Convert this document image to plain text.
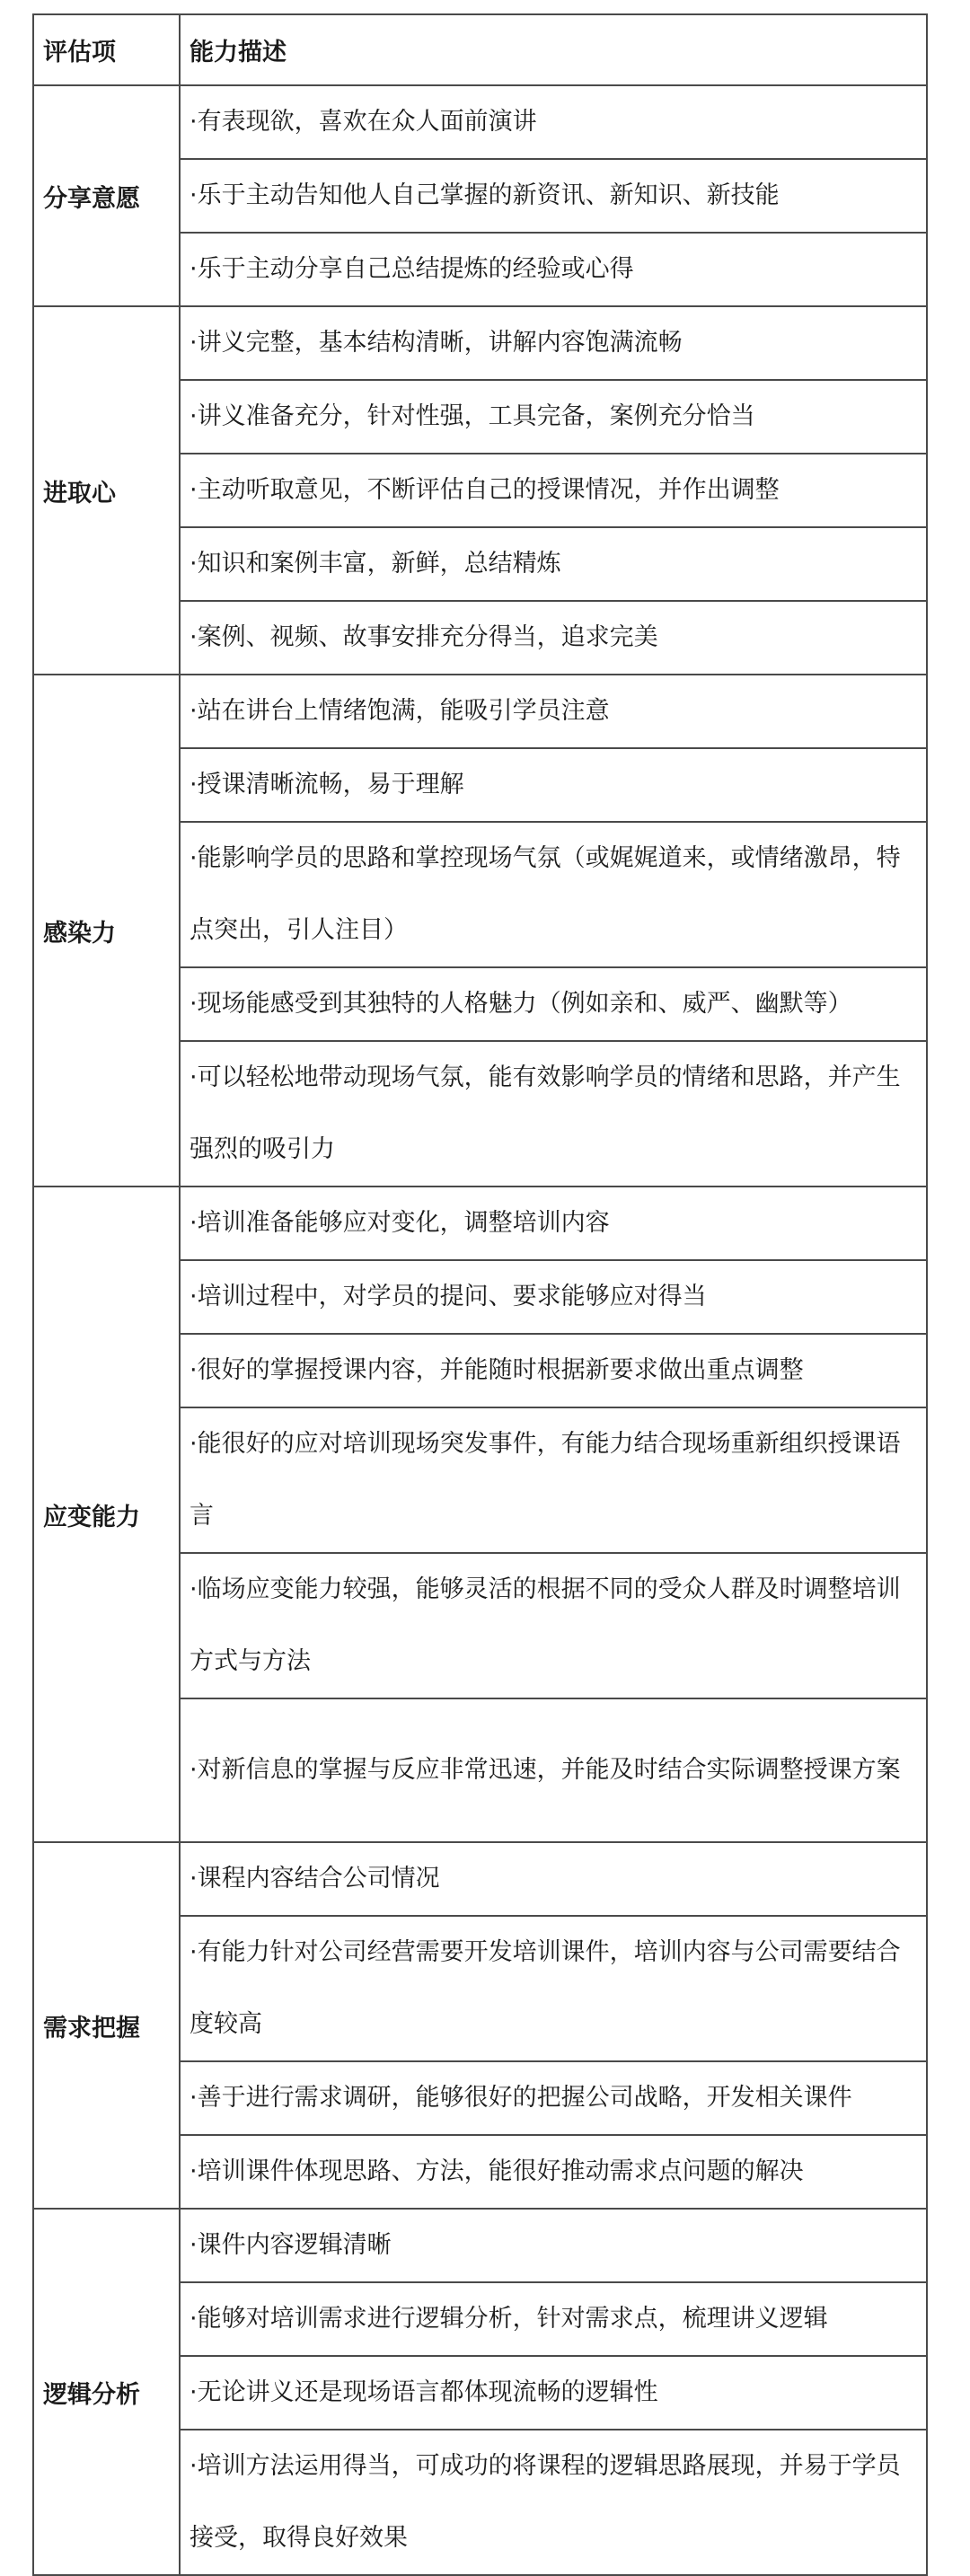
评估项	能力描述
分享意愿	·有表现欲，喜欢在众人面前演讲
	·乐于主动告知他人自己掌握的新资讯、新知识、新技能
	·乐于主动分享自己总结提炼的经验或心得
进取心	·讲义完整，基本结构清晰，讲解内容饱满流畅
	·讲义准备充分，针对性强，工具完备，案例充分恰当
	·主动听取意见，不断评估自己的授课情况，并作出调整
	·知识和案例丰富，新鲜，总结精炼
	·案例、视频、故事安排充分得当，追求完美
感染力	·站在讲台上情绪饱满，能吸引学员注意
	·授课清晰流畅，易于理解
	·能影响学员的思路和掌控现场气氛（或娓娓道来，或情绪激昂，特点突出，引人注目）
	·现场能感受到其独特的人格魅力（例如亲和、威严、幽默等）
	·可以轻松地带动现场气氛，能有效影响学员的情绪和思路，并产生强烈的吸引力
应变能力	·培训准备能够应对变化，调整培训内容
	·培训过程中，对学员的提问、要求能够应对得当
	·很好的掌握授课内容，并能随时根据新要求做出重点调整
	·能很好的应对培训现场突发事件，有能力结合现场重新组织授课语言
	·临场应变能力较强，能够灵活的根据不同的受众人群及时调整培训方式与方法
	·对新信息的掌握与反应非常迅速，并能及时结合实际调整授课方案
需求把握	·课程内容结合公司情况
	·有能力针对公司经营需要开发培训课件，培训内容与公司需要结合度较高
	·善于进行需求调研，能够很好的把握公司战略，开发相关课件
	·培训课件体现思路、方法，能很好推动需求点问题的解决
逻辑分析	·课件内容逻辑清晰
	·能够对培训需求进行逻辑分析，针对需求点，梳理讲义逻辑
	·无论讲义还是现场语言都体现流畅的逻辑性
	·培训方法运用得当，可成功的将课程的逻辑思路展现，并易于学员接受，取得良好效果
